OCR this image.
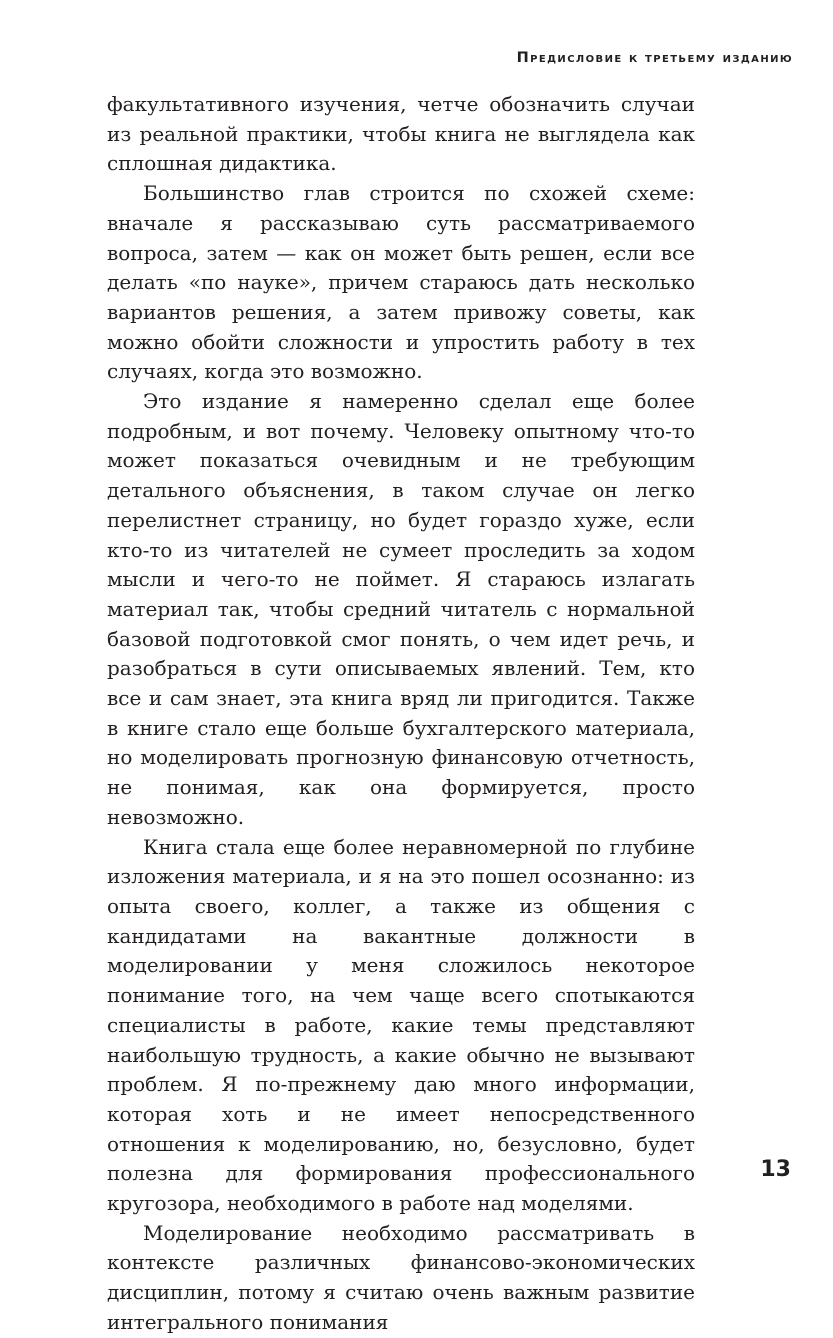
Предисловие к третьему изданию

факультативного изучения, четче обозначить случаи из реальной практики, чтобы книга не выглядела как сплошная дидактика.

Большинство глав строится по схожей схеме: вначале я рассказываю суть рассматриваемого вопроса, затем — как он может быть решен, если все делать «по науке», причем стараюсь дать несколько вариантов решения, а затем привожу советы, как можно обойти сложности и упростить работу в тех случаях, когда это возможно.

Это издание я намеренно сделал еще более подробным, и вот почему. Человеку опытному что-то может показаться очевидным и не требующим детального объяснения, в таком случае он легко перелистнет страницу, но будет гораздо хуже, если кто-то из читателей не сумеет проследить за ходом мысли и чего-то не поймет. Я стараюсь излагать материал так, чтобы средний читатель с нормальной базовой подготовкой смог понять, о чем идет речь, и разобраться в сути описываемых явлений. Тем, кто все и сам знает, эта книга вряд ли пригодится. Также в книге стало еще больше бухгалтерского материала, но моделировать прогнозную финансовую отчетность, не понимая, как она формируется, просто невозможно.

Книга стала еще более неравномерной по глубине изложения материала, и я на это пошел осознанно: из опыта своего, коллег, а также из общения с кандидатами на вакантные должности в моделировании у меня сложилось некоторое понимание того, на чем чаще всего спотыкаются специалисты в работе, какие темы представляют наибольшую трудность, а какие обычно не вызывают проблем. Я по-прежнему даю много информации, которая хоть и не имеет непосредственного отношения к моделированию, но, безусловно, будет полезна для формирования профессионального кругозора, необходимого в работе над моделями.

Моделирование необходимо рассматривать в контексте различных финансово-экономических дисциплин, потому я считаю очень важным развитие интегрального понимания

13
